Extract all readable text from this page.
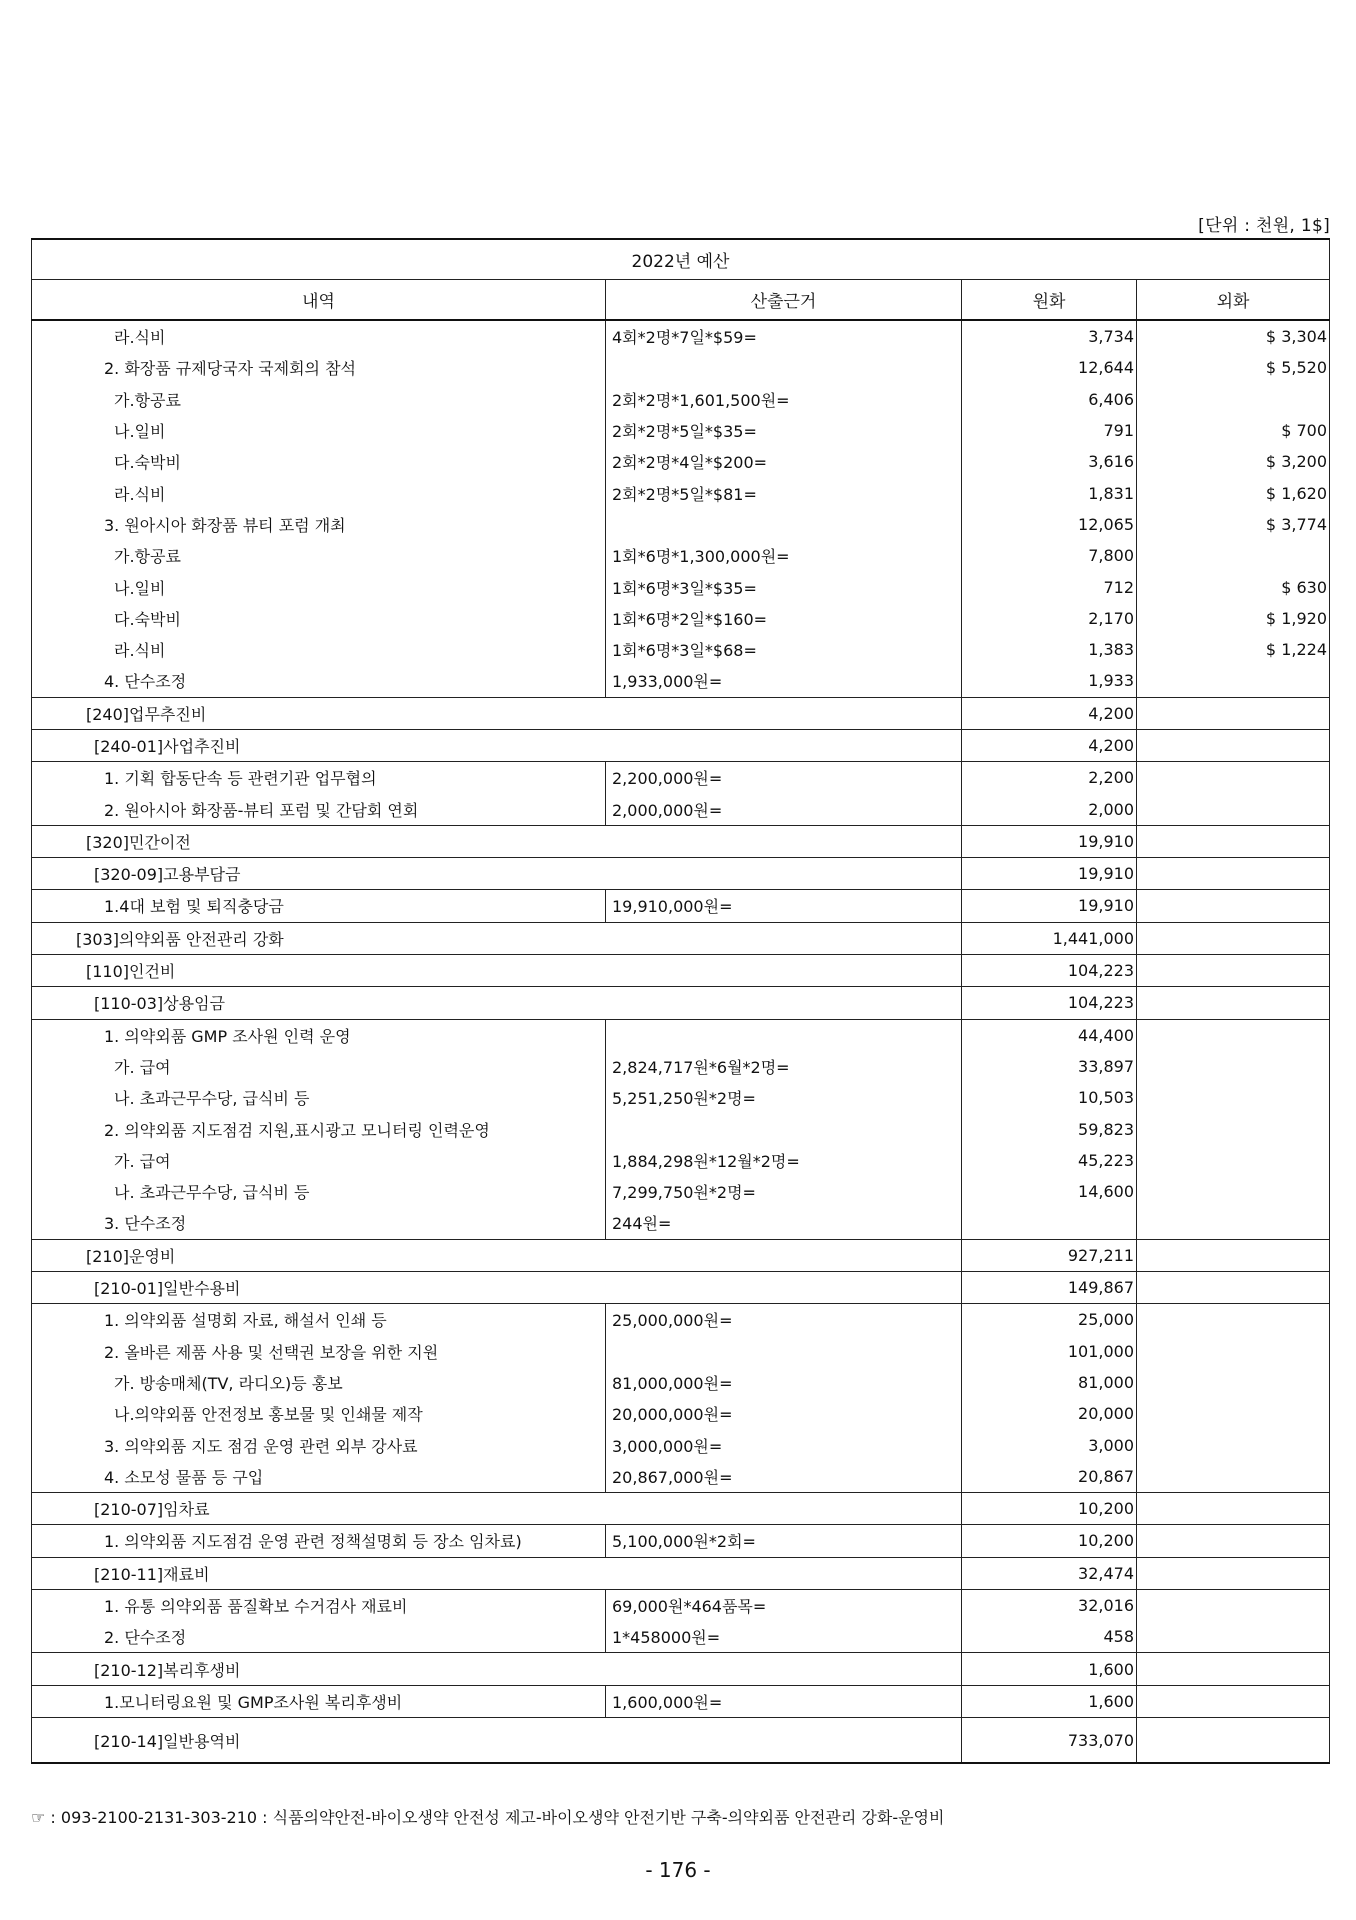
[단위 : 천원, 1$]
2022년 예산			
내역	산출근거	원화	외화
라.식비	4회*2명*7일*$59=	3,734	$ 3,304
2. 화장품 규제당국자 국제회의 참석		12,644	$ 5,520
가.항공료	2회*2명*1,601,500원=	6,406	
나.일비	2회*2명*5일*$35=	791	$ 700
다.숙박비	2회*2명*4일*$200=	3,616	$ 3,200
라.식비	2회*2명*5일*$81=	1,831	$ 1,620
3. 원아시아 화장품 뷰티 포럼 개최		12,065	$ 3,774
가.항공료	1회*6명*1,300,000원=	7,800	
나.일비	1회*6명*3일*$35=	712	$ 630
다.숙박비	1회*6명*2일*$160=	2,170	$ 1,920
라.식비	1회*6명*3일*$68=	1,383	$ 1,224
4. 단수조정	1,933,000원=	1,933	
[240]업무추진비		4,200	
[240-01]사업추진비		4,200	
1. 기획 합동단속 등 관련기관 업무협의	2,200,000원=	2,200	
2. 원아시아 화장품-뷰티 포럼 및 간담회 연회	2,000,000원=	2,000	
[320]민간이전		19,910	
[320-09]고용부담금		19,910	
1.4대 보험 및 퇴직충당금	19,910,000원=	19,910	
[303]의약외품 안전관리 강화		1,441,000	
[110]인건비		104,223	
[110-03]상용임금		104,223	
1. 의약외품 GMP 조사원 인력 운영		44,400	
가. 급여	2,824,717원*6월*2명=	33,897	
나. 초과근무수당, 급식비 등	5,251,250원*2명=	10,503	
2. 의약외품 지도점검 지원,표시광고 모니터링 인력운영		59,823	
가. 급여	1,884,298원*12월*2명=	45,223	
나. 초과근무수당, 급식비 등	7,299,750원*2명=	14,600	
3. 단수조정	244원=		
[210]운영비		927,211	
[210-01]일반수용비		149,867	
1. 의약외품 설명회 자료, 해설서 인쇄 등	25,000,000원=	25,000	
2. 올바른 제품 사용 및 선택권 보장을 위한 지원		101,000	
가. 방송매체(TV, 라디오)등 홍보	81,000,000원=	81,000	
나.의약외품 안전정보 홍보물 및 인쇄물 제작	20,000,000원=	20,000	
3. 의약외품 지도 점검 운영 관련 외부 강사료	3,000,000원=	3,000	
4. 소모성 물품 등 구입	20,867,000원=	20,867	
[210-07]임차료		10,200	
1. 의약외품 지도점검 운영 관련 정책설명회 등 장소 임차료)	5,100,000원*2회=	10,200	
[210-11]재료비		32,474	
1. 유통 의약외품 품질확보 수거검사 재료비	69,000원*464품목=	32,016	
2. 단수조정	1*458000원=	458	
[210-12]복리후생비		1,600	
1.모니터링요원 및 GMP조사원 복리후생비	1,600,000원=	1,600	
[210-14]일반용역비		733,070	
☞ : 093-2100-2131-303-210 : 식품의약안전-바이오생약 안전성 제고-바이오생약 안전기반 구축-의약외품 안전관리 강화-운영비
- 176 -
